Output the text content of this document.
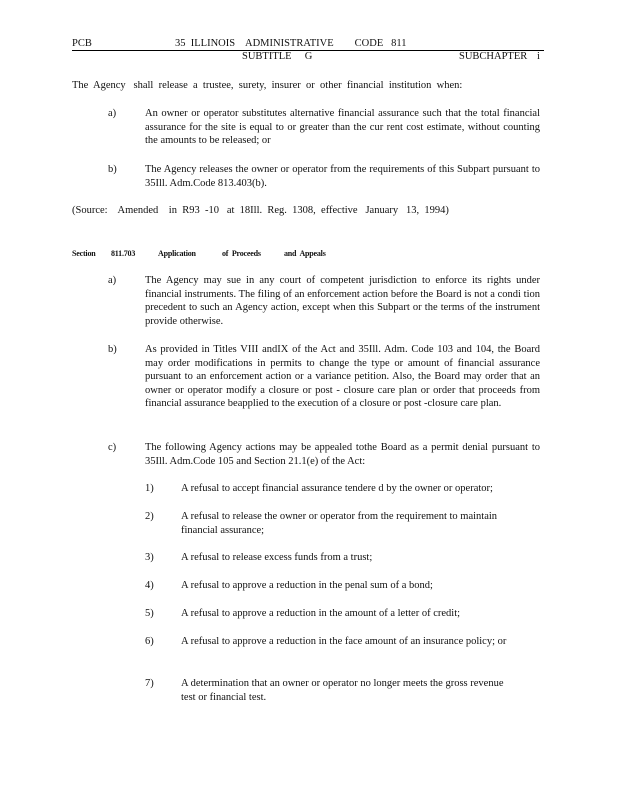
PCB	35  ILLINOIS    ADMINISTRATIVE        CODE   811
SUBTITLE     G	SUBCHAPTER i
The  Agency   shall  release  a  trustee,  surety,  insurer  or  other  financial  institution  when:
a)	An owner or operator substitutes alternative financial assurance such that the total financial assurance for the site is equal to or greater than the cur rent cost estimate, without counting the amounts to be released; or
b)	The Agency releases the owner or operator from the requirements of this Subpart pursuant to 35Ill. Adm.Code 813.403(b).
(Source:    Amended    in  R93  -10   at  18Ill.  Reg.  1308,  effective   January   13,  1994)
Section 811.703	Application	of  Proceeds	and  Appeals
a)	The Agency may sue in any court of competent jurisdiction to enforce its rights under financial instruments. The filing of an enforcement action before the Board is not a condi tion precedent to such an Agency action, except when this Subpart or the terms of the instrument provide otherwise.
b)	As provided in Titles VIII andIX of the Act and 35Ill. Adm. Code 103 and 104, the Board may order modifications in permits to change the type or amount of financial assurance pursuant to an enforcement action or a variance petition. Also, the Board may order that an owner or operator modify a closure or post - closure care plan or order that proceeds from financial assurance beapplied to the execution of a closure or post -closure care plan.
c)	The following Agency actions may be appealed tothe Board as a permit denial pursuant to 35Ill. Adm.Code 105 and Section 21.1(e) of the Act:
1)	A refusal to accept financial assurance tendere d by the owner or operator;
2)	A refusal to release the owner or operator from the requirement to maintain financial assurance;
3)	A refusal to release excess funds from a trust;
4)	A refusal to approve a reduction in the penal sum of a bond;
5)	A refusal to approve a reduction in the amount of a letter of credit;
6)	A refusal to approve a reduction in the face amount of an insurance policy; or
7)	A determination that an owner or operator no longer meets the gross revenue test or financial test.
